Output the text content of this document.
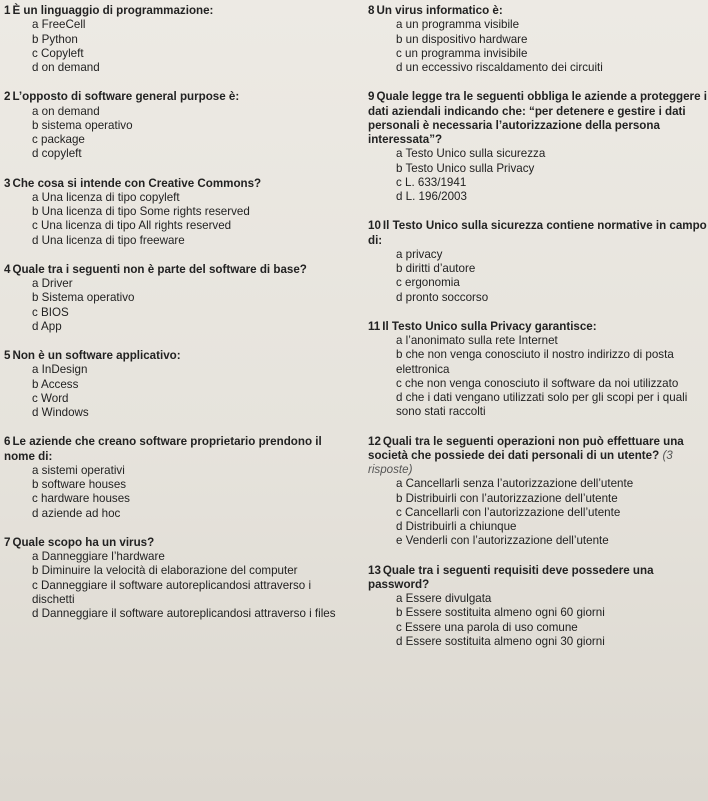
1 È un linguaggio di programmazione:
a FreeCell
b Python
c Copyleft
d on demand
2 L’opposto di software general purpose è:
a on demand
b sistema operativo
c package
d copyleft
3 Che cosa si intende con Creative Commons?
a Una licenza di tipo copyleft
b Una licenza di tipo Some rights reserved
c Una licenza di tipo All rights reserved
d Una licenza di tipo freeware
4 Quale tra i seguenti non è parte del software di base?
a Driver
b Sistema operativo
c BIOS
d App
5 Non è un software applicativo:
a InDesign
b Access
c Word
d Windows
6 Le aziende che creano software proprietario prendono il nome di:
a sistemi operativi
b software houses
c hardware houses
d aziende ad hoc
7 Quale scopo ha un virus?
a Danneggiare l’hardware
b Diminuire la velocità di elaborazione del computer
c Danneggiare il software autoreplicandosi attraverso i dischetti
d Danneggiare il software autoreplicandosi attraverso i files
8 Un virus informatico è:
a un programma visibile
b un dispositivo hardware
c un programma invisibile
d un eccessivo riscaldamento dei circuiti
9 Quale legge tra le seguenti obbliga le aziende a proteggere i dati aziendali indicando che: “per detenere e gestire i dati personali è necessaria l’autorizzazione della persona interessata”?
a Testo Unico sulla sicurezza
b Testo Unico sulla Privacy
c L. 633/1941
d L. 196/2003
10 Il Testo Unico sulla sicurezza contiene normative in campo di:
a privacy
b diritti d’autore
c ergonomia
d pronto soccorso
11 Il Testo Unico sulla Privacy garantisce:
a l’anonimato sulla rete Internet
b che non venga conosciuto il nostro indirizzo di posta elettronica
c che non venga conosciuto il software da noi utilizzato
d che i dati vengano utilizzati solo per gli scopi per i quali sono stati raccolti
12 Quali tra le seguenti operazioni non può effettuare una società che possiede dei dati personali di un utente? (3 risposte)
a Cancellarli senza l’autorizzazione dell’utente
b Distribuirli con l’autorizzazione dell’utente
c Cancellarli con l’autorizzazione dell’utente
d Distribuirli a chiunque
e Venderli con l’autorizzazione dell’utente
13 Quale tra i seguenti requisiti deve possedere una password?
a Essere divulgata
b Essere sostituita almeno ogni 60 giorni
c Essere una parola di uso comune
d Essere sostituita almeno ogni 30 giorni
